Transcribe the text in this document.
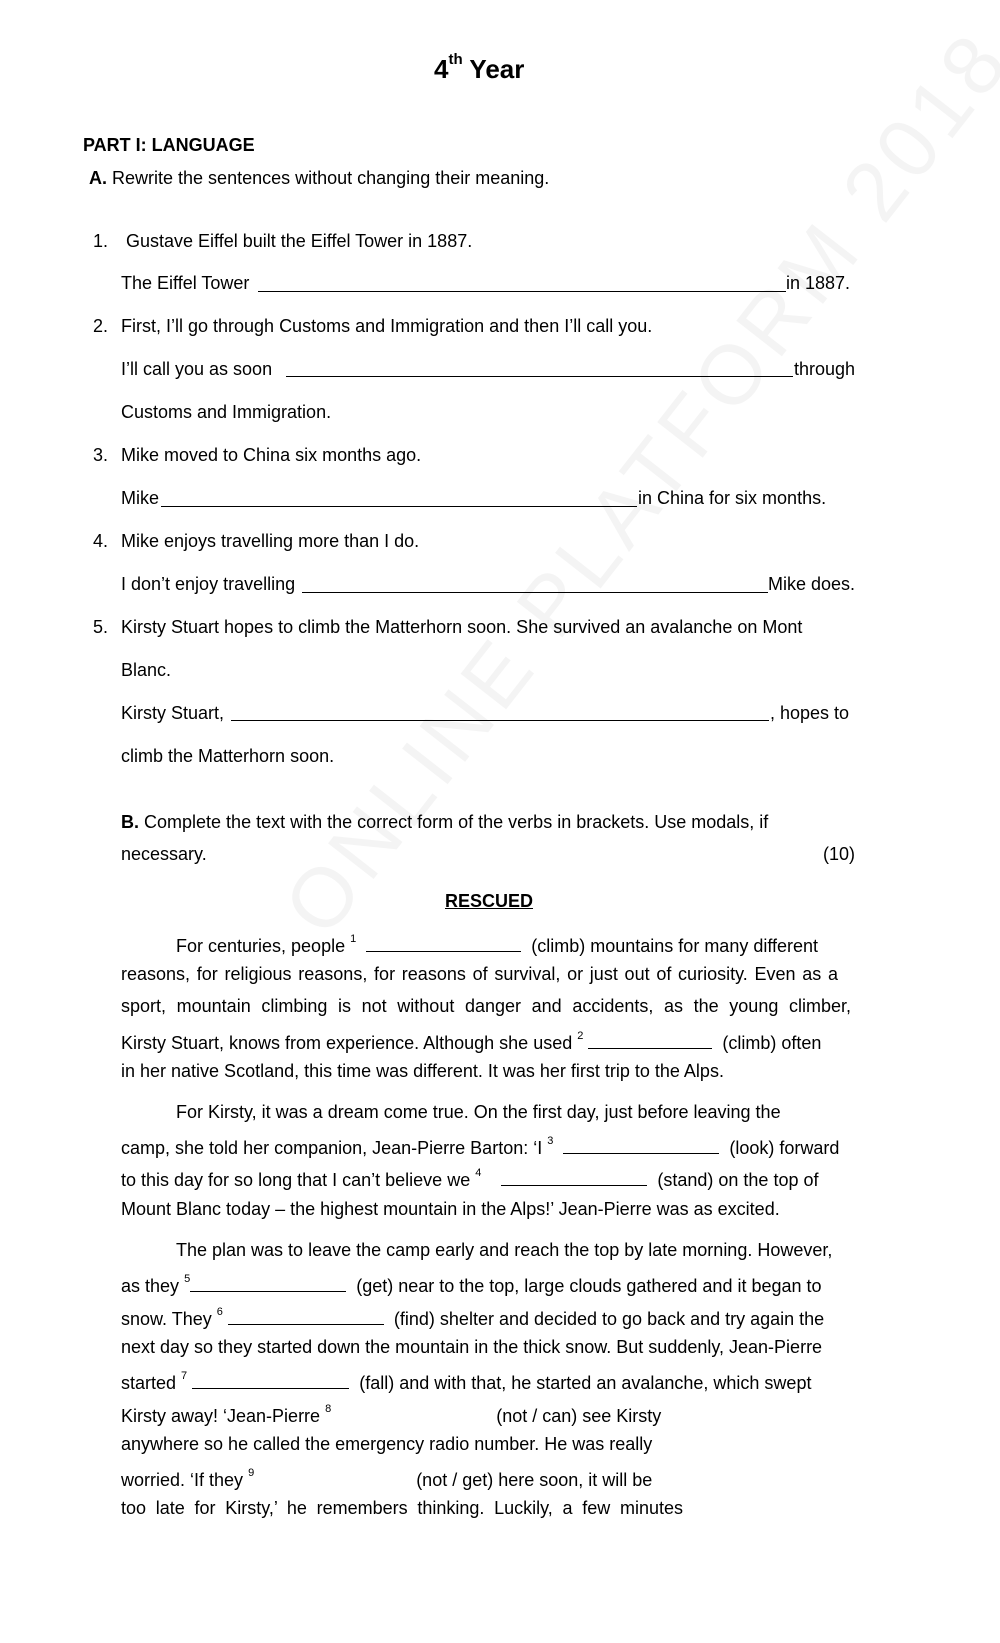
4th Year
PART I: LANGUAGE
A. Rewrite the sentences without changing their meaning.
1. Gustave Eiffel built the Eiffel Tower in 1887.
The Eiffel Tower	in 1887.
2. First, I’ll go through Customs and Immigration and then I’ll call you.
I’ll call you as soon	through
Customs and Immigration.
3. Mike moved to China six months ago.
Mike	in China for six months.
4. Mike enjoys travelling more than I do.
I don’t enjoy travelling	Mike does.
5. Kirsty Stuart hopes to climb the Matterhorn soon. She survived an avalanche on Mont
Blanc.
Kirsty Stuart,	, hopes to
climb the Matterhorn soon.
B. Complete the text with the correct form of the verbs in brackets. Use modals, if
necessary.	(10)
RESCUED
For centuries, people $^1$	(climb) mountains for many different
reasons, for religious reasons, for reasons of survival, or just out of curiosity. Even as a
sport, mountain climbing is not without danger and accidents, as the young climber,
Kirsty Stuart, knows from experience. Although she used $^2$	(climb) often
in her native Scotland, this time was different. It was her first trip to the Alps.
For Kirsty, it was a dream come true. On the first day, just before leaving the
camp, she told her companion, Jean-Pierre Barton: ‘I $^3$	(look) forward
to this day for so long that I can’t believe we $^4$	(stand) on the top of
Mount Blanc today – the highest mountain in the Alps!’ Jean-Pierre was as excited.
The plan was to leave the camp early and reach the top by late morning. However,
as they $^5$	(get) near to the top, large clouds gathered and it began to
snow. They $^6$	(find) shelter and decided to go back and try again the
next day so they started down the mountain in the thick snow. But suddenly, Jean-Pierre
started $^7$	(fall) and with that, he started an avalanche, which swept
Kirsty away! ‘Jean-Pierre $^8$	(not / can) see Kirsty
anywhere so he called the emergency radio number. He was really
worried. ‘If they $^9$	(not / get) here soon, it will be
too late for Kirsty,’ he remembers thinking. Luckily, a few minutes
